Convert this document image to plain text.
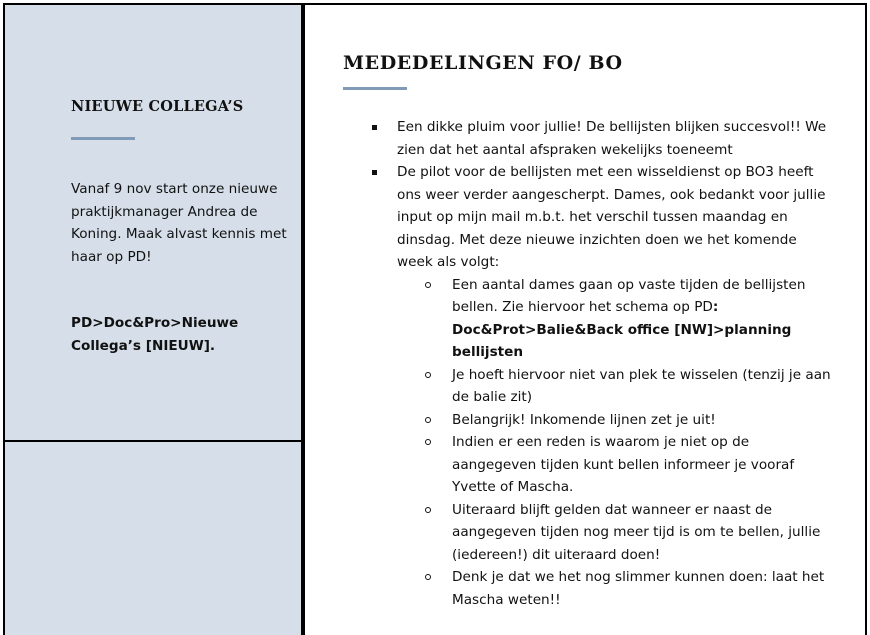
NIEUWE COLLEGA’S
Vanaf 9 nov start onze nieuwe praktijkmanager Andrea de Koning. Maak alvast kennis met haar op PD!
PD>Doc&Pro>Nieuwe Collega’s [NIEUW].
MEDEDELINGEN FO/ BO
Een dikke pluim voor jullie! De bellijsten blijken succesvol!! We zien dat het aantal afspraken wekelijks toeneemt
De pilot voor de bellijsten met een wisseldienst op BO3 heeft ons weer verder aangescherpt. Dames, ook bedankt voor jullie input op mijn mail m.b.t. het verschil tussen maandag en dinsdag. Met deze nieuwe inzichten doen we het komende week als volgt:
Een aantal dames gaan op vaste tijden de bellijsten bellen. Zie hiervoor het schema op PD: Doc&Prot>Balie&Back office [NW]>planning bellijsten
Je hoeft hiervoor niet van plek te wisselen (tenzij je aan de balie zit)
Belangrijk! Inkomende lijnen zet je uit!
Indien er een reden is waarom je niet op de aangegeven tijden kunt bellen informeer je vooraf Yvette of Mascha.
Uiteraard blijft gelden dat wanneer er naast de aangegeven tijden nog meer tijd is om te bellen, jullie (iedereen!) dit uiteraard doen!
Denk je dat we het nog slimmer kunnen doen: laat het Mascha weten!!
